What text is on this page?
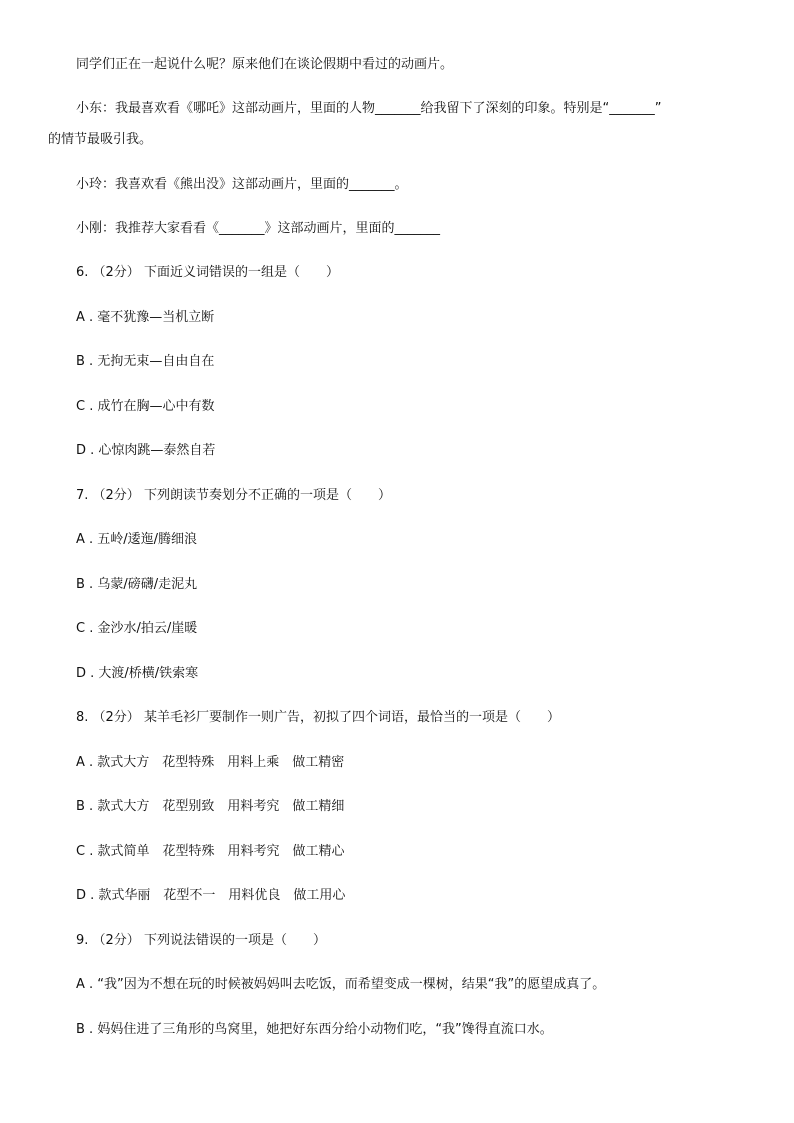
同学们正在一起说什么呢？原来他们在谈论假期中看过的动画片。
小东：我最喜欢看《哪吒》这部动画片，里面的人物_______给我留下了深刻的印象。特别是“_______”
的情节最吸引我。
小玲：我喜欢看《熊出没》这部动画片，里面的_______。
小刚：我推荐大家看看《_______》这部动画片，里面的_______
6. （2分） 下面近义词错误的一组是（　　）
A . 毫不犹豫—当机立断
B . 无拘无束—自由自在
C . 成竹在胸—心中有数
D . 心惊肉跳—泰然自若
7. （2分） 下列朗读节奏划分不正确的一项是（　　）
A . 五岭/逶迤/腾细浪
B . 乌蒙/磅礴/走泥丸
C . 金沙水/拍云/崖暖
D . 大渡/桥横/铁索寒
8. （2分） 某羊毛衫厂要制作一则广告，初拟了四个词语，最恰当的一项是（　　）
A . 款式大方　花型特殊　用料上乘　做工精密
B . 款式大方　花型别致　用料考究　做工精细
C . 款式简单　花型特殊　用料考究　做工精心
D . 款式华丽　花型不一　用料优良　做工用心
9. （2分） 下列说法错误的一项是（　　）
A . “我”因为不想在玩的时候被妈妈叫去吃饭，而希望变成一棵树，结果“我”的愿望成真了。
B . 妈妈住进了三角形的鸟窝里，她把好东西分给小动物们吃，“我”馋得直流口水。
